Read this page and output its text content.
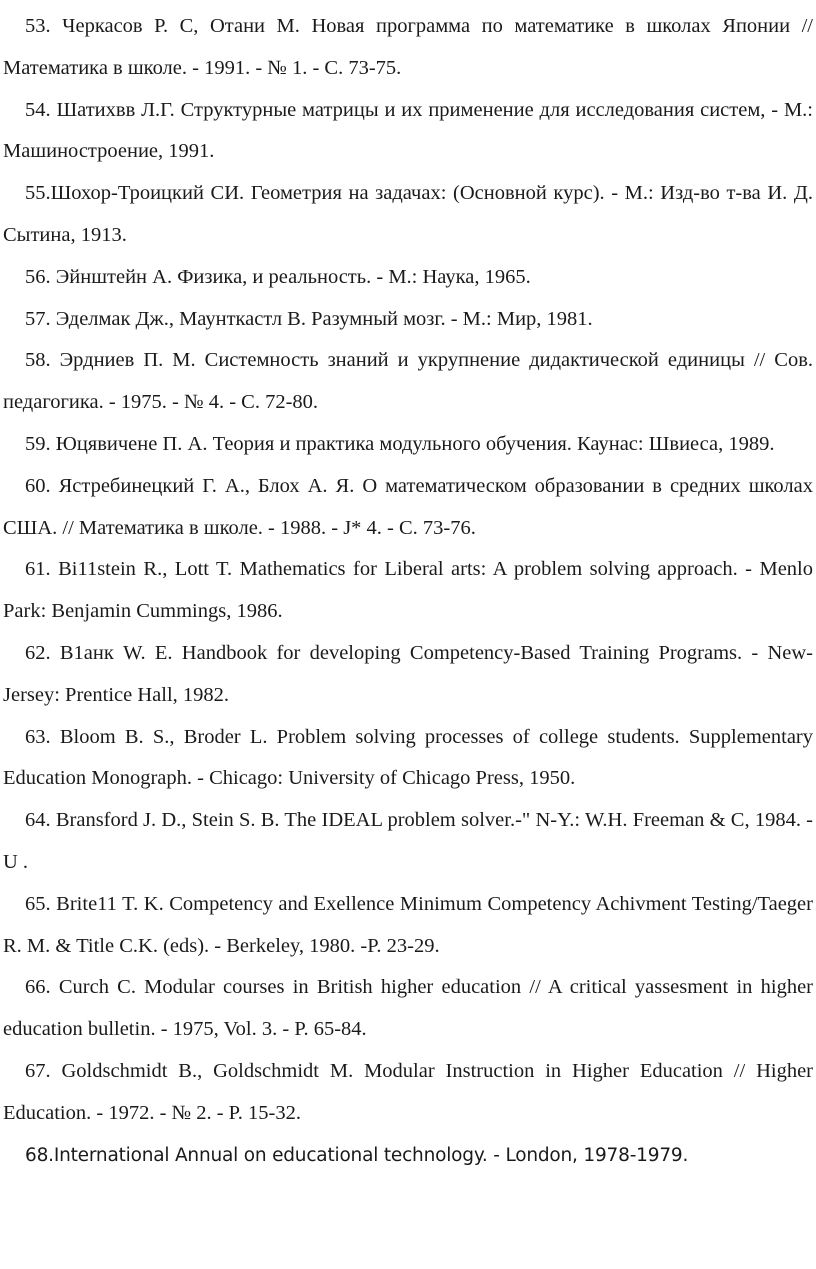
53. Черкасов Р. С, Отани М. Новая программа по математике в школах Японии // Математика в школе. - 1991. - № 1. - С. 73-75.

54. Шатихвв Л.Г. Структурные матрицы и их применение для исследования систем, - М.: Машиностроение, 1991.

55.Шохор-Троицкий СИ. Геометрия на задачах: (Основной курс). - М.: Изд-во т-ва И. Д. Сытина, 1913.

56. Эйнштейн А. Физика, и реальность. - М.: Наука, 1965.

57. Эделмак Дж., Маунткастл В. Разумный мозг. - М.: Мир, 1981.

58. Эрдниев П. М. Системность знаний и укрупнение дидактической единицы // Сов. педагогика. - 1975. - № 4. - С. 72-80.

59. Юцявичене П. А. Теория и практика модульного обучения. Каунас: Швиеса, 1989.

60. Ястребинецкий Г. А., Блох А. Я. О математическом образовании в средних школах США. // Математика в школе. - 1988. - J* 4. - С. 73-76.

61. Bi11stein R., Lott T. Mathematics for Liberal arts: A problem solving approach. - Menlo Park: Benjamin Cummings, 1986.

62. B1анк W. E. Handbook for developing Competency-Based Training Programs. - New-Jersey: Prentice Hall, 1982.

63. Bloom B. S., Broder L. Problem solving processes of college students. Supplementary Education Monograph. - Chicago: University of Chicago Press, 1950.

64. Bransford J. D., Stein S. B. The IDEAL problem solver.-" N-Y.: W.H. Freeman & C, 1984. -U .

65. Brite11 T. K. Competency and Exellence Minimum Competency Achivment Testing/Taeger R. M. & Title C.K. (eds). - Berkeley, 1980. -P. 23-29.

66. Curch C. Modular courses in British higher education // A critical yassesment in higher education bulletin. - 1975, Vol. 3. - P. 65-84.

67. Goldschmidt B., Goldschmidt M. Modular Instruction in Higher Education // Higher Education. - 1972. - № 2. - P. 15-32.

68.International Annual on educational technology. - London, 1978-1979.
